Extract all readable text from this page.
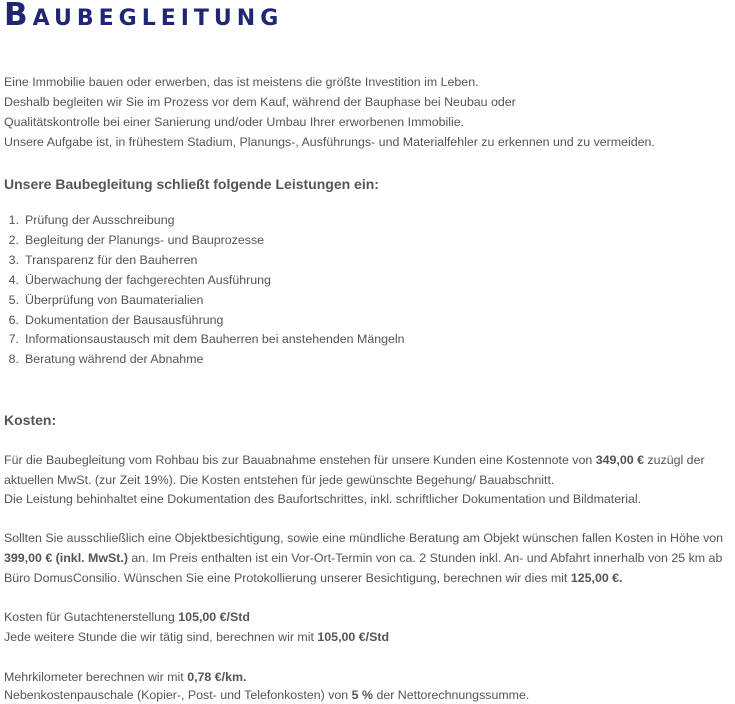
Baubegleitung
Eine Immobilie bauen oder erwerben, das ist meistens die größte Investition im Leben.
Deshalb begleiten wir Sie im Prozess vor dem Kauf, während der Bauphase bei Neubau oder
Qualitätskontrolle bei einer Sanierung und/oder Umbau Ihrer erworbenen Immobilie.
Unsere Aufgabe ist, in frühestem Stadium, Planungs-, Ausführungs- und Materialfehler zu erkennen und zu vermeiden.
Unsere Baubegleitung schließt folgende Leistungen ein:
1. Prüfung der Ausschreibung
2. Begleitung der Planungs- und Bauprozesse
3. Transparenz für den Bauherren
4. Überwachung der fachgerechten Ausführung
5. Überprüfung von Baumaterialien
6. Dokumentation der Bausausführung
7. Informationsaustausch mit dem Bauherren bei anstehenden Mängeln
8. Beratung während der Abnahme
Kosten:
Für die Baubegleitung vom Rohbau bis zur Bauabnahme enstehen für unsere Kunden eine Kostennote von 349,00 € zuzügl der
aktuellen MwSt. (zur Zeit 19%). Die Kosten entstehen für jede gewünschte Begehung/ Bauabschnitt.
Die Leistung behinhaltet eine Dokumentation des Baufortschrittes, inkl. schriftlicher Dokumentation und Bildmaterial.
Sollten Sie ausschließlich eine Objektbesichtigung, sowie eine mündliche Beratung am Objekt wünschen fallen Kosten in Höhe von
399,00 € (inkl. MwSt.) an. Im Preis enthalten ist ein Vor-Ort-Termin von ca. 2 Stunden inkl. An- und Abfahrt innerhalb von 25 km ab
Büro DomusConsilio. Wünschen Sie eine Protokollierung unserer Besichtigung, berechnen wir dies mit 125,00 €.
Kosten für Gutachtenerstellung 105,00 €/Std
Jede weitere Stunde die wir tätig sind, berechnen wir mit 105,00 €/Std
Mehrkilometer berechnen wir mit 0,78 €/km.
Nebenkostenpauschale (Kopier-, Post- und Telefonkosten) von 5 % der Nettorechnungssumme.
